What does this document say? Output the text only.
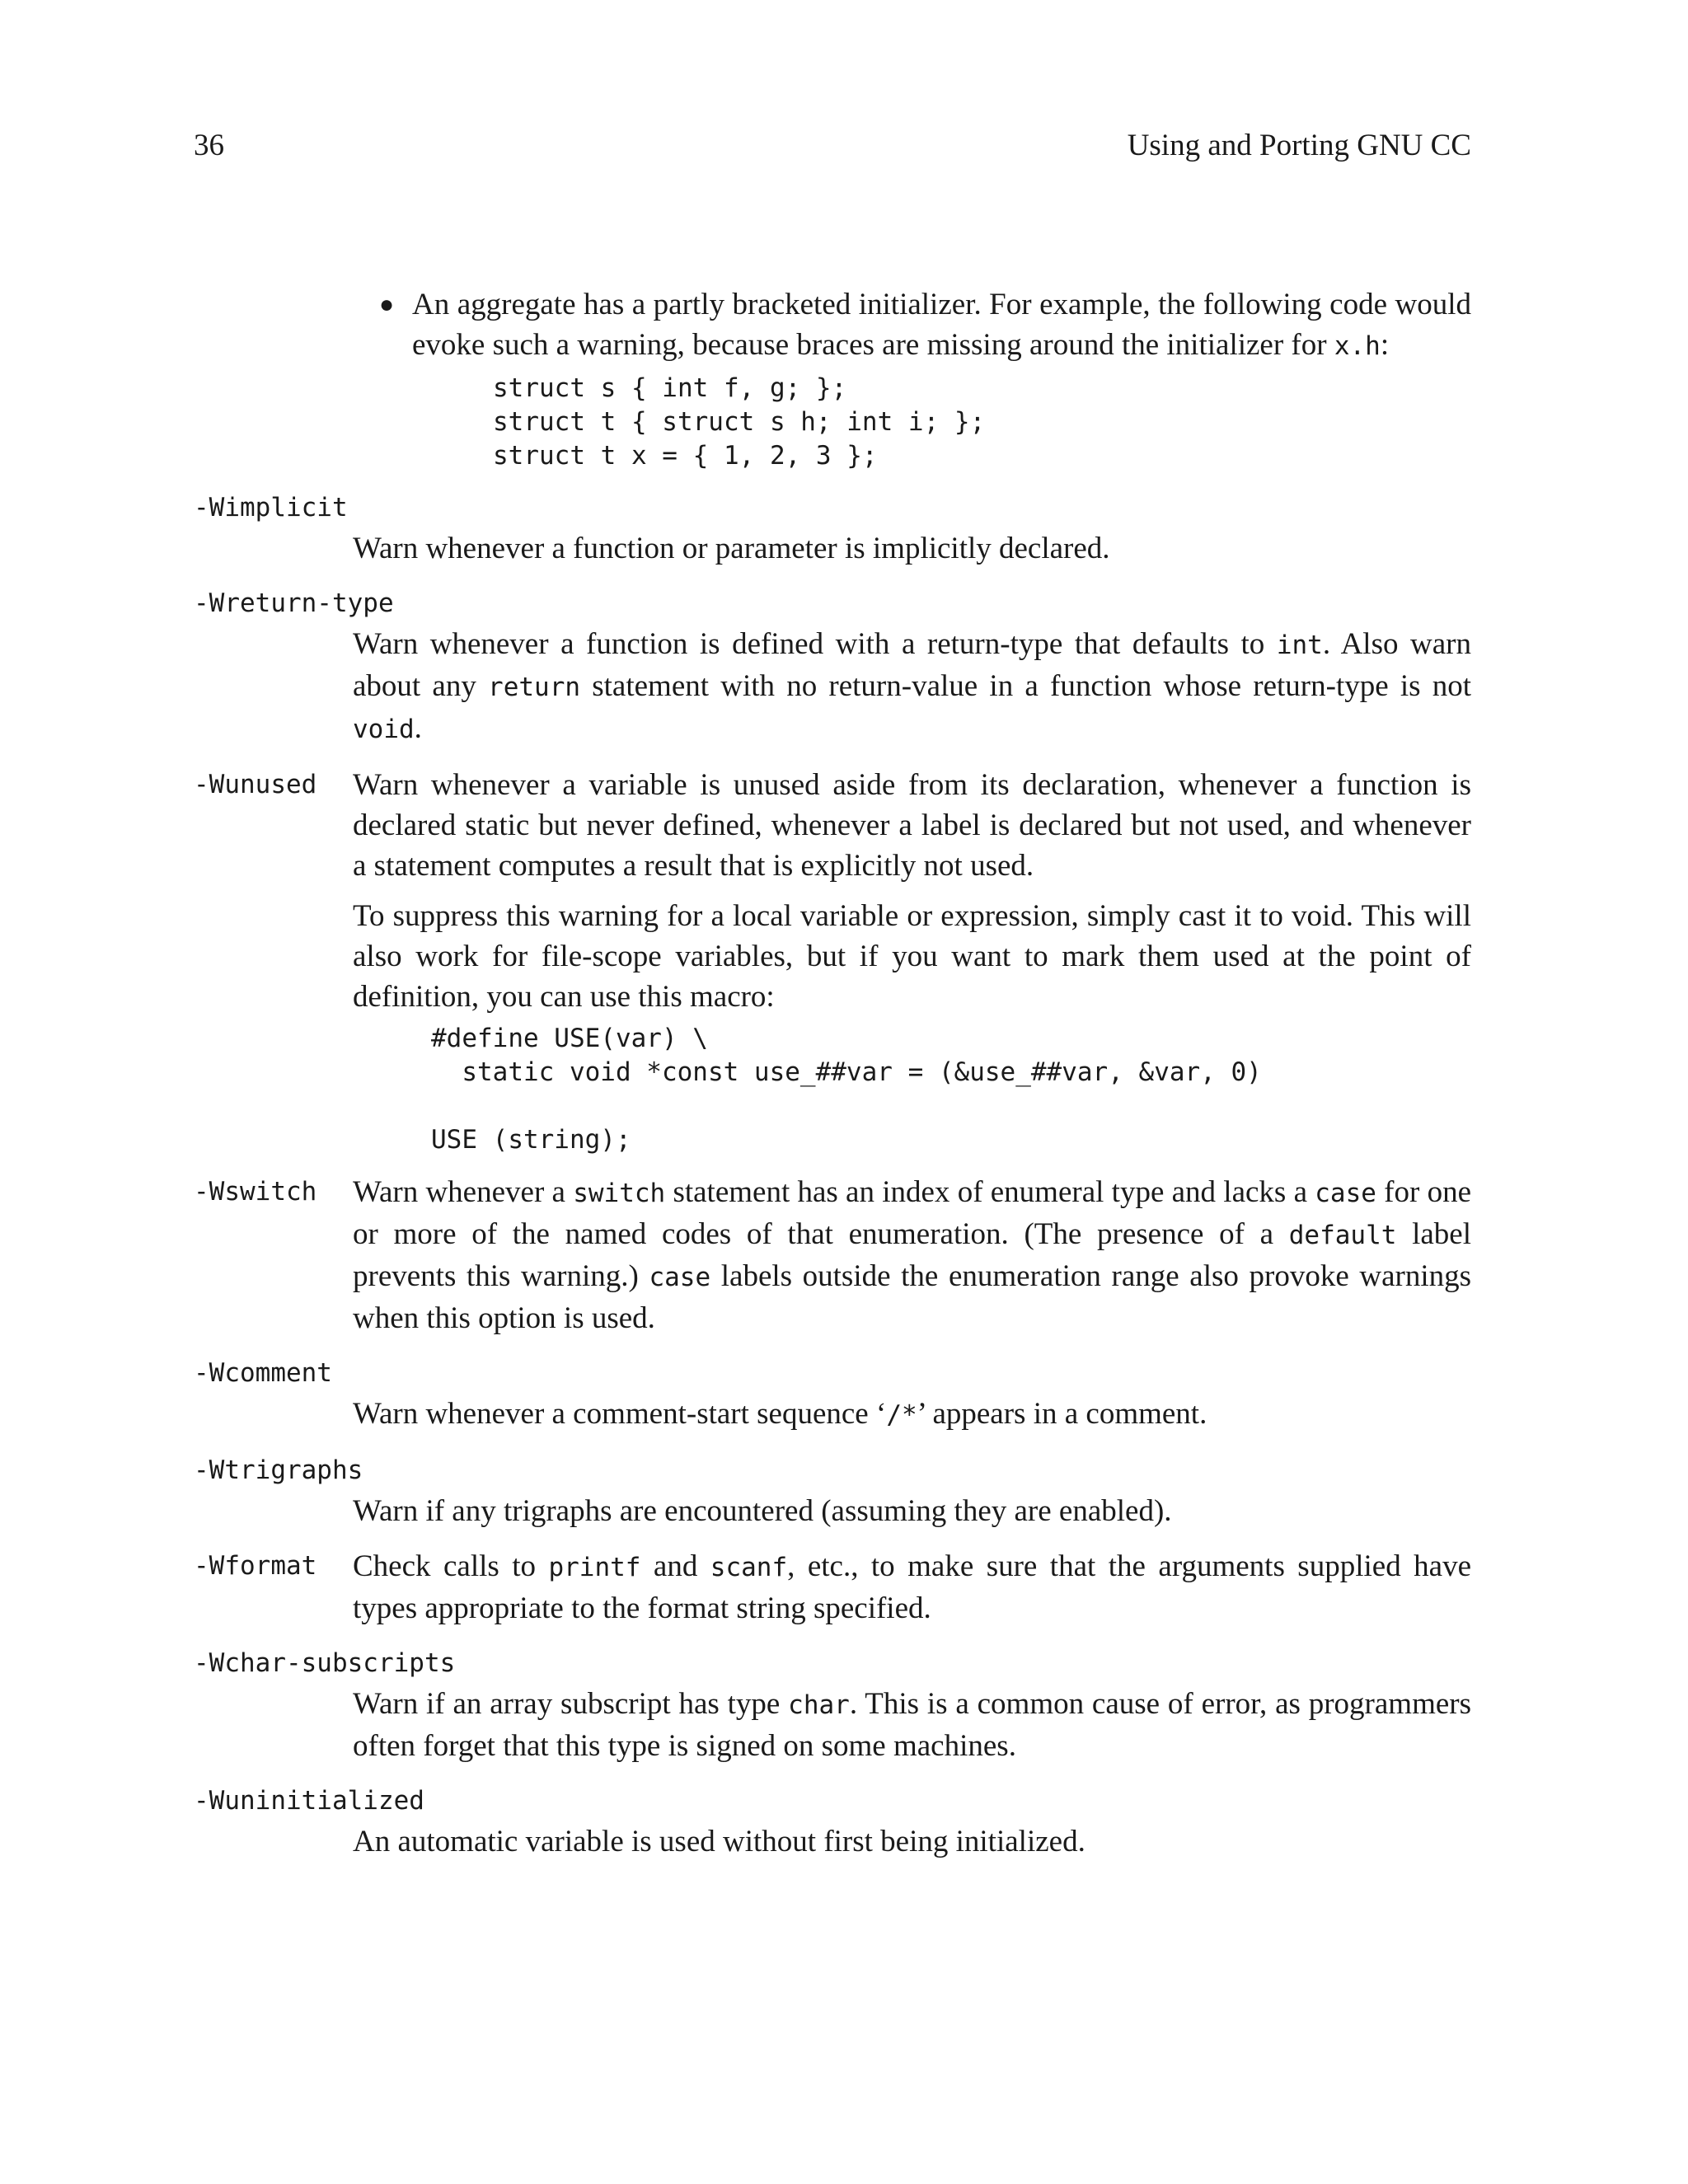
36	Using and Porting GNU CC
● An aggregate has a partly bracketed initializer. For example, the following code would evoke such a warning, because braces are missing around the initializer for x.h:
struct s { int f, g; };
struct t { struct s h; int i; };
struct t x = { 1, 2, 3 };
-Wimplicit
Warn whenever a function or parameter is implicitly declared.
-Wreturn-type
Warn whenever a function is defined with a return-type that defaults to int. Also warn about any return statement with no return-value in a function whose return-type is not void.
-Wunused Warn whenever a variable is unused aside from its declaration, whenever a function is declared static but never defined, whenever a label is declared but not used, and whenever a statement computes a result that is explicitly not used.
To suppress this warning for a local variable or expression, simply cast it to void. This will also work for file-scope variables, but if you want to mark them used at the point of definition, you can use this macro:
#define USE(var) \
static void *const use_##var = (&use_##var, &var, 0)

USE (string);
-Wswitch Warn whenever a switch statement has an index of enumeral type and lacks a case for one or more of the named codes of that enumeration. (The presence of a default label prevents this warning.) case labels outside the enumeration range also provoke warnings when this option is used.
-Wcomment
Warn whenever a comment-start sequence ‘/*’ appears in a comment.
-Wtrigraphs
Warn if any trigraphs are encountered (assuming they are enabled).
-Wformat Check calls to printf and scanf, etc., to make sure that the arguments supplied have types appropriate to the format string specified.
-Wchar-subscripts
Warn if an array subscript has type char. This is a common cause of error, as programmers often forget that this type is signed on some machines.
-Wuninitialized
An automatic variable is used without first being initialized.
